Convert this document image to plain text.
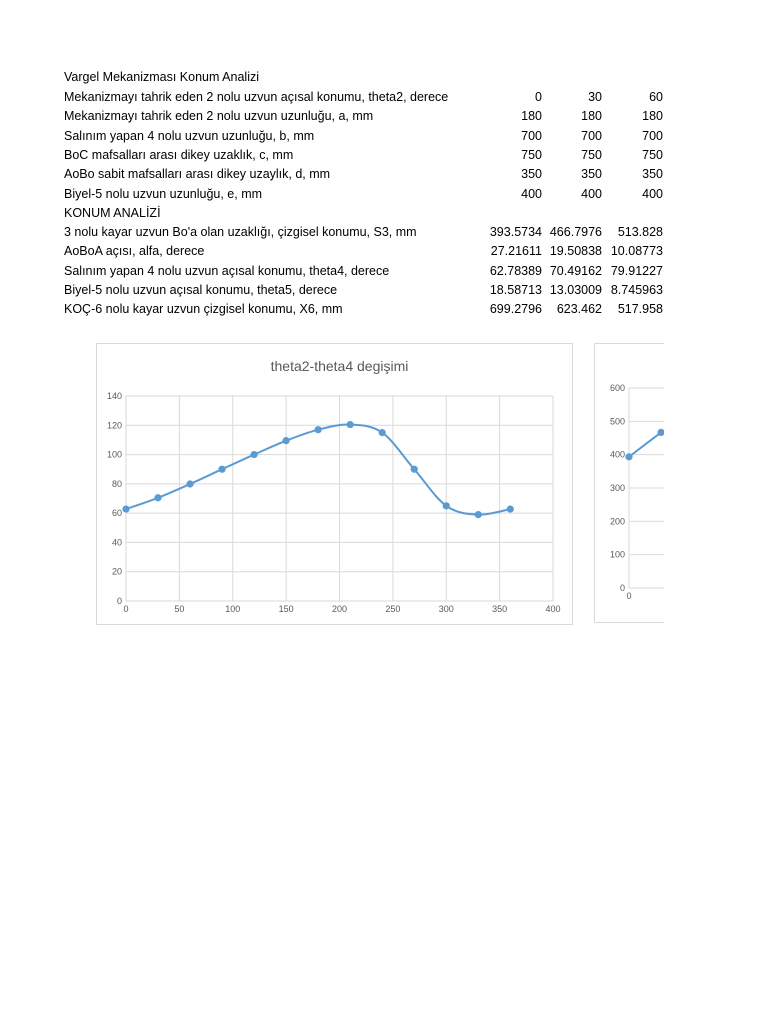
Vargel Mekanizması Konum Analizi
Mekanizmayı tahrik eden 2 nolu uzvun açısal konumu, theta2, derece	0	30	60
Mekanizmayı tahrik eden 2 nolu uzvun uzunluğu, a, mm	180	180	180
Salınım yapan 4 nolu uzvun uzunluğu, b, mm	700	700	700
BoC mafsalları arası dikey uzaklık, c, mm	750	750	750
AoBo sabit mafsalları arası dikey uzaylık, d, mm	350	350	350
Biyel-5 nolu uzvun uzunluğu, e, mm	400	400	400
KONUM ANALİZİ
3 nolu kayar uzvun Bo'a olan uzaklığı, çizgisel konumu, S3, mm	393.5734 466.7976	513.828
AoBoA açısı, alfa, derece	27.21611 19.50838 10.08773
Salınım yapan 4 nolu uzvun açısal konumu, theta4, derece	62.78389 70.49162 79.91227
Biyel-5 nolu uzvun açısal konumu, theta5, derece	18.58713 13.03009 8.745963
KOÇ-6 nolu kayar uzvun çizgisel konumu, X6, mm	699.2796	623.462	517.958
theta2-theta4 degişimi
0
20
40
60
80
100
120
140
0	50	100	150	200	250	300	350	400
0
100
200
300
400
500
600
0
